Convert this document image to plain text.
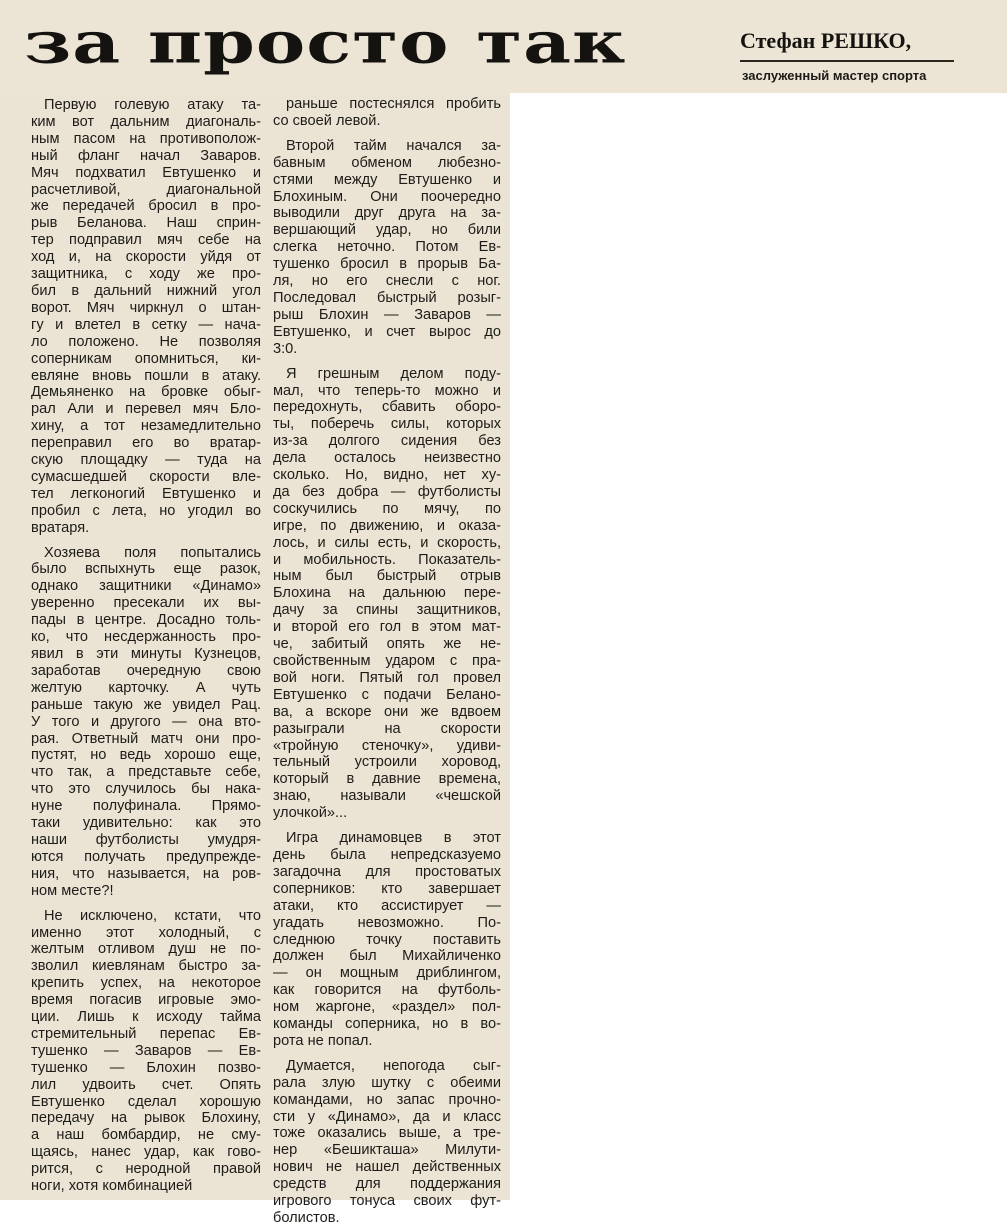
за просто так	Стефан РЕШКО,
заслуженный мастер спорта
Первую голевую атаку та-
ким вот дальним диагональ-
ным пасом на противополож-
ный фланг начал Заваров.
Мяч подхватил Евтушенко и
расчетливой, диагональной
же передачей бросил в про-
рыв Беланова. Наш сприн-
тер подправил мяч себе на
ход и, на скорости уйдя от
защитника, с ходу же про-
бил в дальний нижний угол
ворот. Мяч чиркнул о штан-
гу и влетел в сетку — нача-
ло положено. Не позволяя
соперникам опомниться, ки-
евляне вновь пошли в атаку.
Демьяненко на бровке обыг-
рал Али и перевел мяч Бло-
хину, а тот незамедлительно
переправил его во вратар-
скую площадку — туда на
сумасшедшей скорости вле-
тел легконогий Евтушенко и
пробил с лета, но угодил во
вратаря.
Хозяева поля попытались
было вспыхнуть еще разок,
однако защитники «Динамо»
уверенно пресекали их вы-
пады в центре. Досадно толь-
ко, что несдержанность про-
явил в эти минуты Кузнецов,
заработав очередную свою
желтую карточку. А чуть
раньше такую же увидел Рац.
У того и другого — она вто-
рая. Ответный матч они про-
пустят, но ведь хорошо еще,
что так, а представьте себе,
что это случилось бы нака-
нуне полуфинала. Прямо-
таки удивительно: как это
наши футболисты умудря-
ются получать предупрежде-
ния, что называется, на ров-
ном месте?!
Не исключено, кстати, что
именно этот холодный, с
желтым отливом душ не по-
зволил киевлянам быстро за-
крепить успех, на некоторое
время погасив игровые эмо-
ции. Лишь к исходу тайма
стремительный перепас Ев-
тушенко — Заваров — Ев-
тушенко — Блохин позво-
лил удвоить счет. Опять
Евтушенко сделал хорошую
передачу на рывок Блохину,
а наш бомбардир, не сму-
щаясь, нанес удар, как гово-
рится, с неродной правой
ноги, хотя комбинацией
раньше постеснялся пробить
со своей левой.
Второй тайм начался за-
бавным обменом любезно-
стями между Евтушенко и
Блохиным. Они поочередно
выводили друг друга на за-
вершающий удар, но били
слегка неточно. Потом Ев-
тушенко бросил в прорыв Ба-
ля, но его снесли с ног.
Последовал быстрый розыг-
рыш Блохин — Заваров —
Евтушенко, и счет вырос до
3:0.
Я грешным делом поду-
мал, что теперь-то можно и
передохнуть, сбавить оборо-
ты, поберечь силы, которых
из-за долгого сидения без
дела осталось неизвестно
сколько. Но, видно, нет ху-
да без добра — футболисты
соскучились по мячу, по
игре, по движению, и оказа-
лось, и силы есть, и скорость,
и мобильность. Показатель-
ным был быстрый отрыв
Блохина на дальнюю пере-
дачу за спины защитников,
и второй его гол в этом мат-
че, забитый опять же не-
свойственным ударом с пра-
вой ноги. Пятый гол провел
Евтушенко с подачи Белано-
ва, а вскоре они же вдвоем
разыграли на скорости
«тройную стеночку», удиви-
тельный устроили хоровод,
который в давние времена,
знаю, называли «чешской
улочкой»...
Игра динамовцев в этот
день была непредсказуемо
загадочна для простоватых
соперников: кто завершает
атаки, кто ассистирует —
угадать невозможно. По-
следнюю точку поставить
должен был Михайличенко
— он мощным дриблингом,
как говорится на футболь-
ном жаргоне, «раздел» пол-
команды соперника, но в во-
рота не попал.
Думается, непогода сыг-
рала злую шутку с обеими
командами, но запас прочно-
сти у «Динамо», да и класс
тоже оказались выше, а тре-
нер «Бешикташа» Милути-
нович не нашел действенных
средств для поддержания
игрового тонуса своих фут-
болистов.
